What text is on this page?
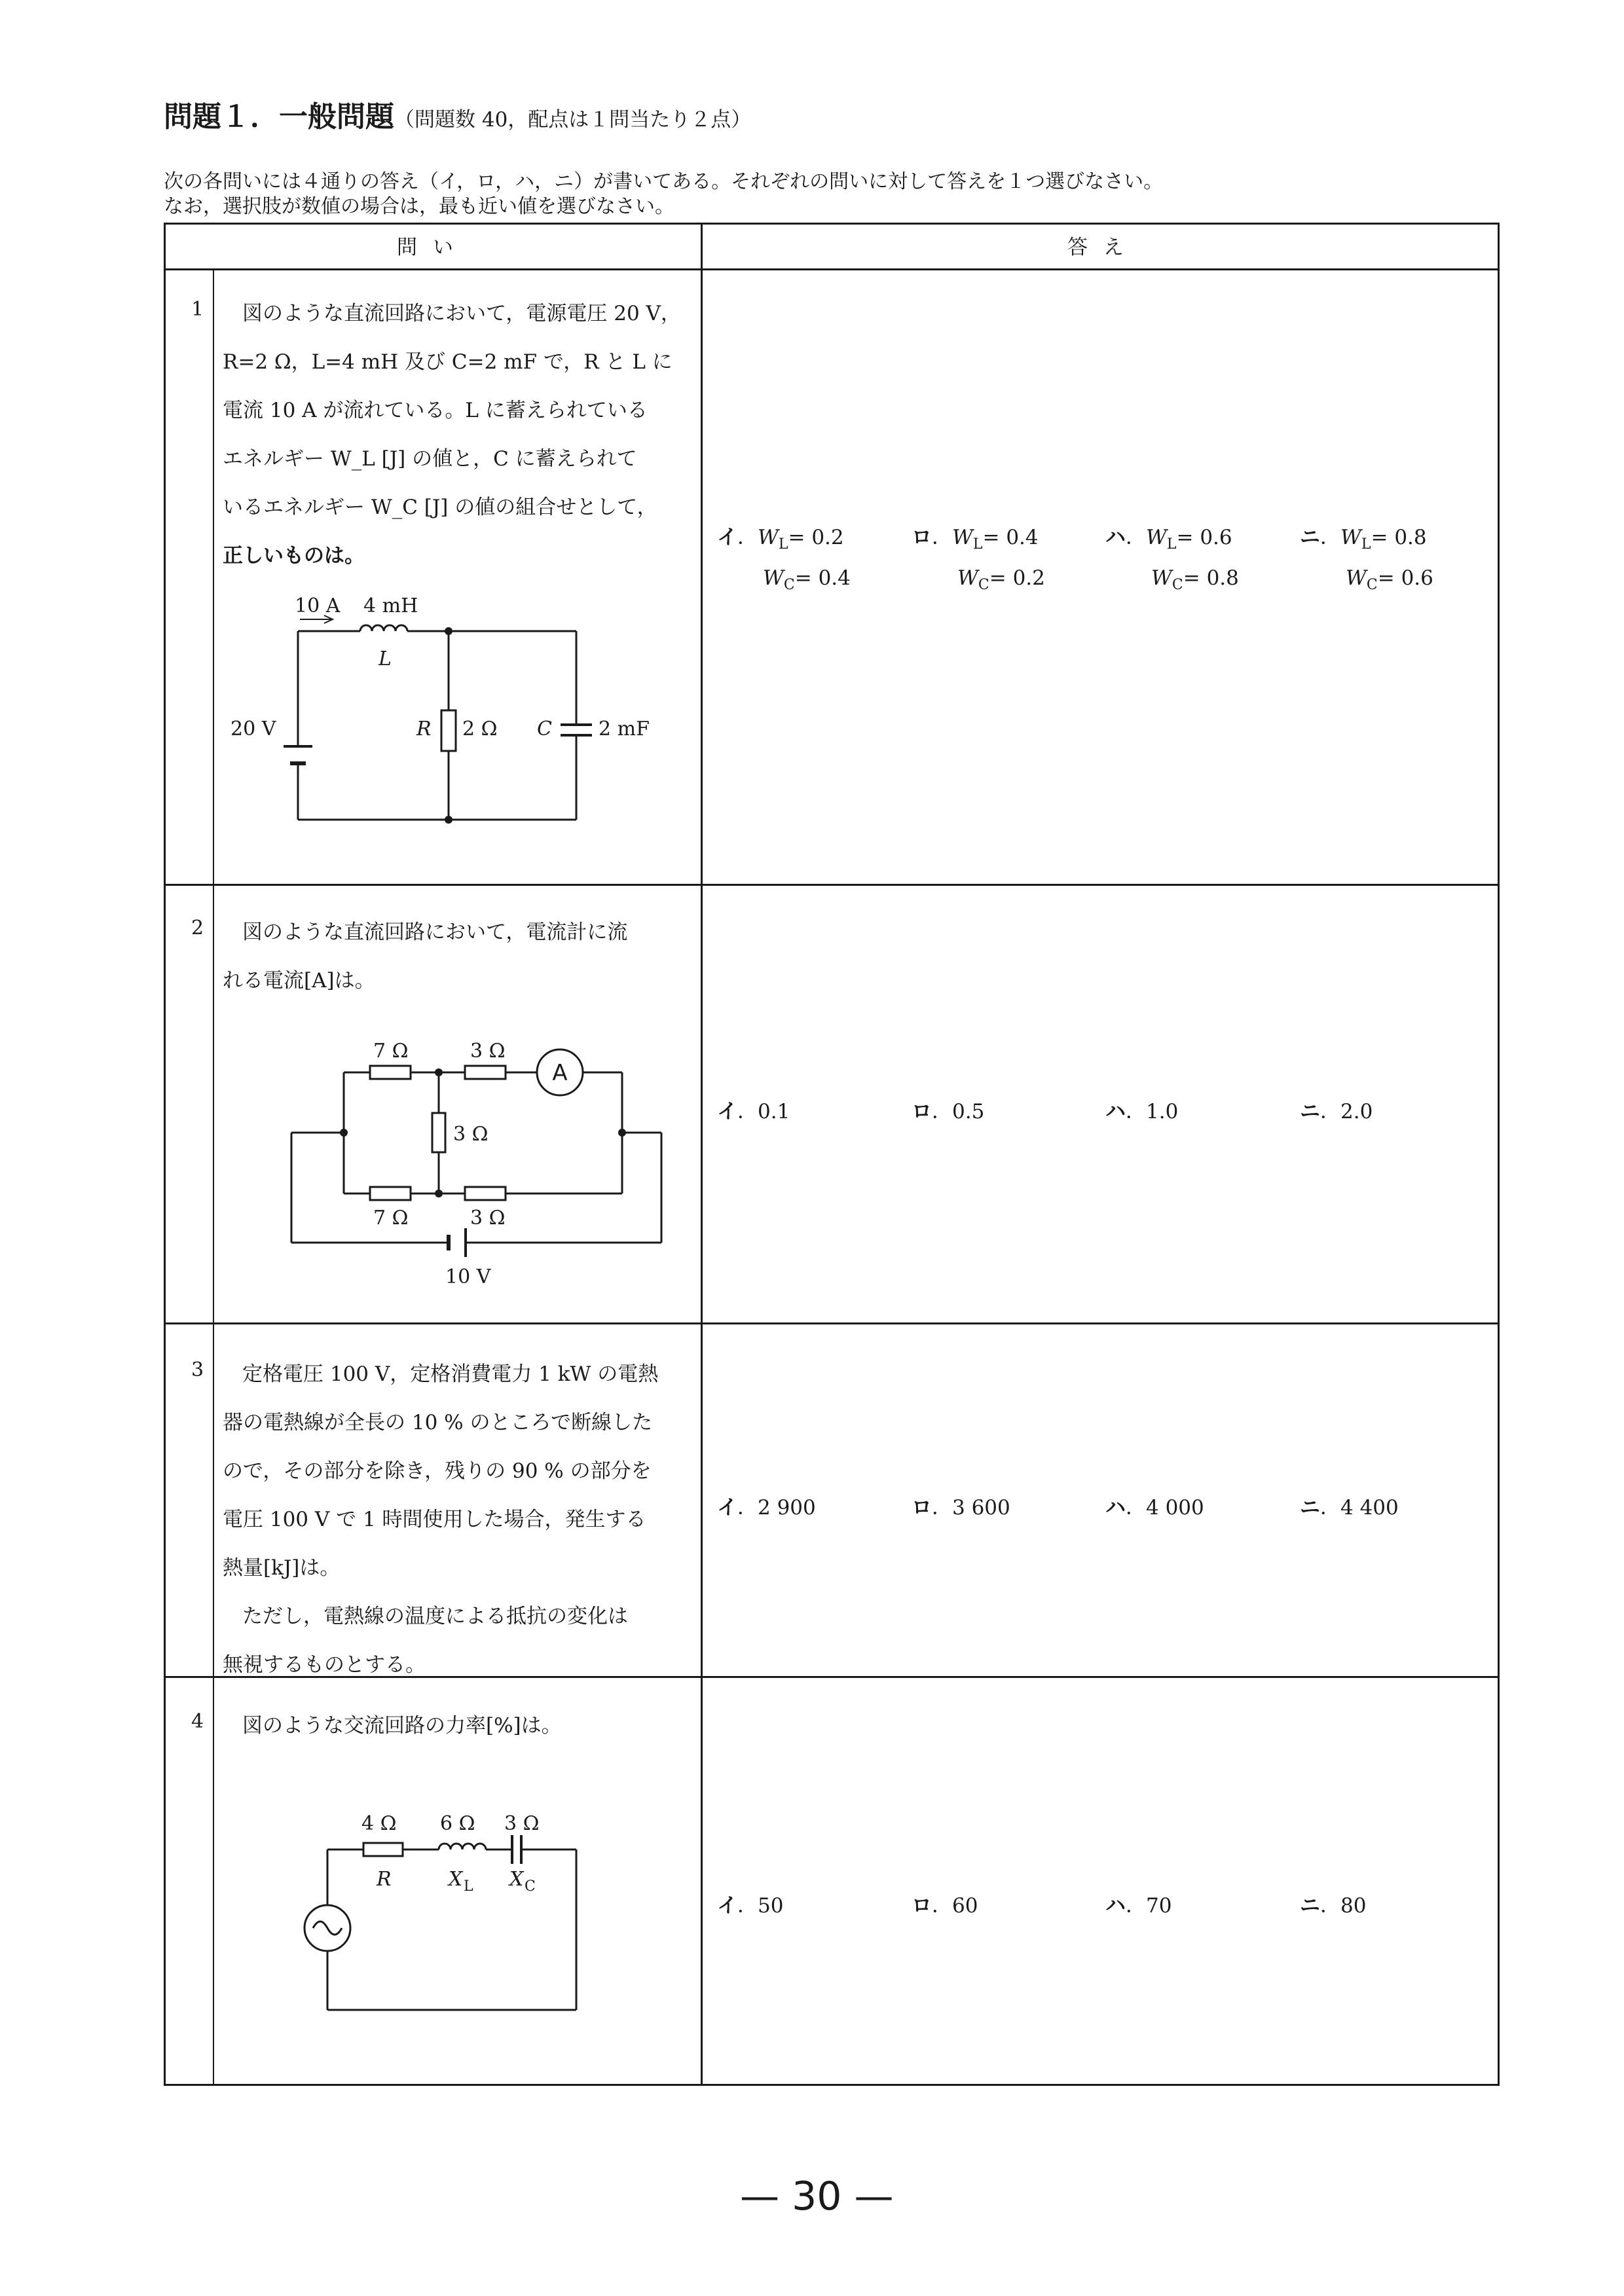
問題１．一般問題（問題数 40，配点は１問当たり２点）
次の各問いには４通りの答え（イ，ロ，ハ，ニ）が書いてある。それぞれの問いに対して答えを１つ選びなさい。
なお，選択肢が数値の場合は，最も近い値を選びなさい。
問い	答え
1	図のような直流回路において，電源電圧 20 V，

R=2 Ω，L=4 mH 及び C=2 mF で，R と L に

電流 10 A が流れている。L に蓄えられている

エネルギー W_L [J] の値と，C に蓄えられて

いるエネルギー W_C [J] の値の組合せとして，

正しいものは。

10 A 4 mH
L
20 V	R 2 Ω C 2 mF
イ．$W_L= 0.2$
$W_C= 0.4$
ロ．$W_L= 0.4$
$W_C= 0.2$
ハ．$W_L= 0.6$
$W_C= 0.8$
ニ．$W_L= 0.8$
$W_C= 0.6$
2	図のような直流回路において，電流計に流

れる電流[A]は。

7 Ω	3 Ω
3 Ω
7 Ω	3 Ω
10 V
A
イ．0.1	ロ．0.5	ハ．1.0	ニ．2.0
3	定格電圧 100 V，定格消費電力 1 kW の電熱

器の電熱線が全長の 10 % のところで断線した

ので，その部分を除き，残りの 90 % の部分を

電圧 100 V で 1 時間使用した場合，発生する

熱量[kJ]は。

ただし，電熱線の温度による抵抗の変化は

無視するものとする。

イ．2 900	ロ．3 600	ハ．4 000	ニ．4 400
4	図のような交流回路の力率[%]は。

4 Ω 6 Ω 3 Ω
R	X L X C
イ．50	ロ．60	ハ．70	ニ．80
— 30 —
